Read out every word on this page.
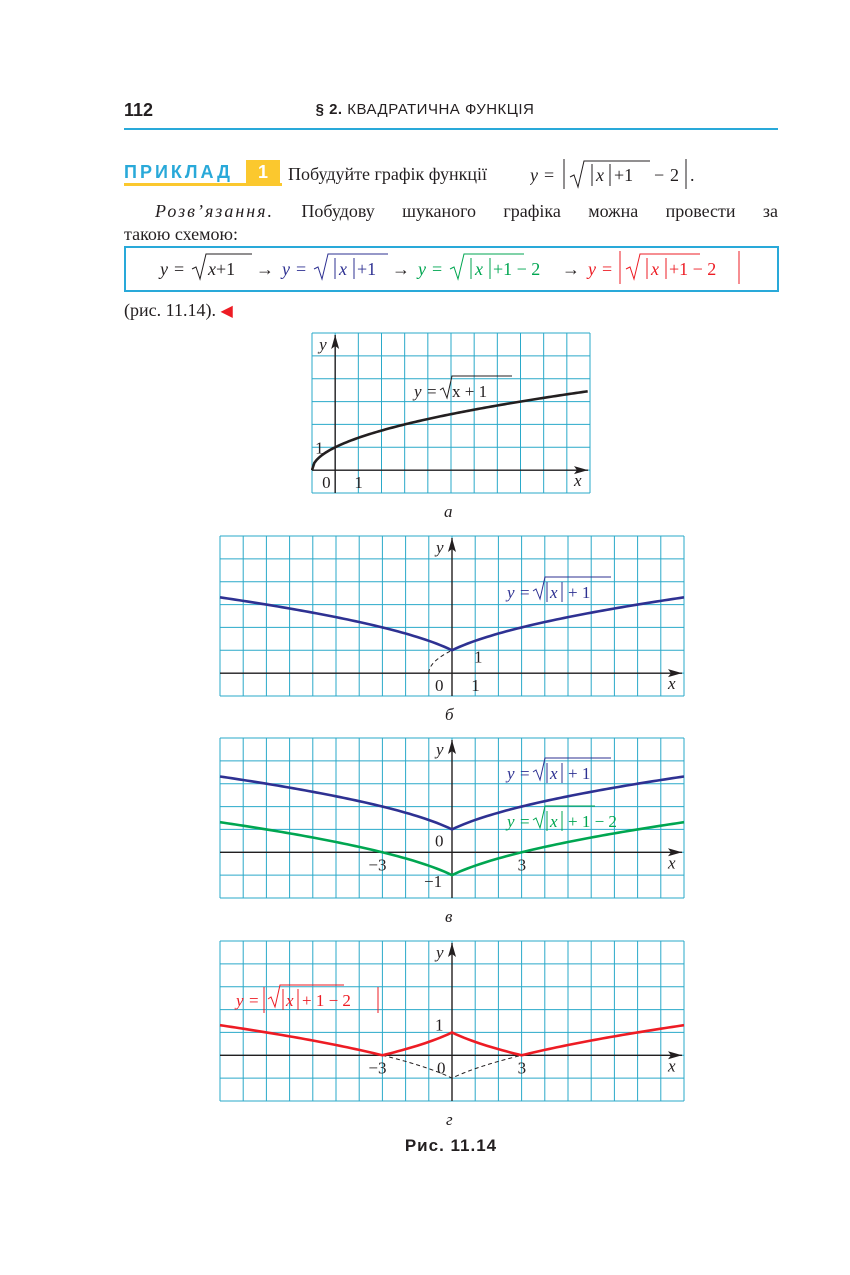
112	§ 2. КВАДРАТИЧНА ФУНКЦІЯ
ПРИКЛАД	1	Побудуйте графік функції y = x +1 − 2 .
Розв’язання. Побудову шуканого графіка можна провести за
такою схемою:
y = x+1 → y = x +1 → y = x +1 − 2 → y = x +1 − 2
(рис. 11.14). ◀
x
y
0 1
1
y = x + 1
а
x
y
0 1
1
y = x + 1
б
x
y
0
−3	3
−1
y = x + 1
y = x + 1 − 2
в
x
y
1
−3	0	3
y = x + 1 − 2
г
Рис. 11.14
